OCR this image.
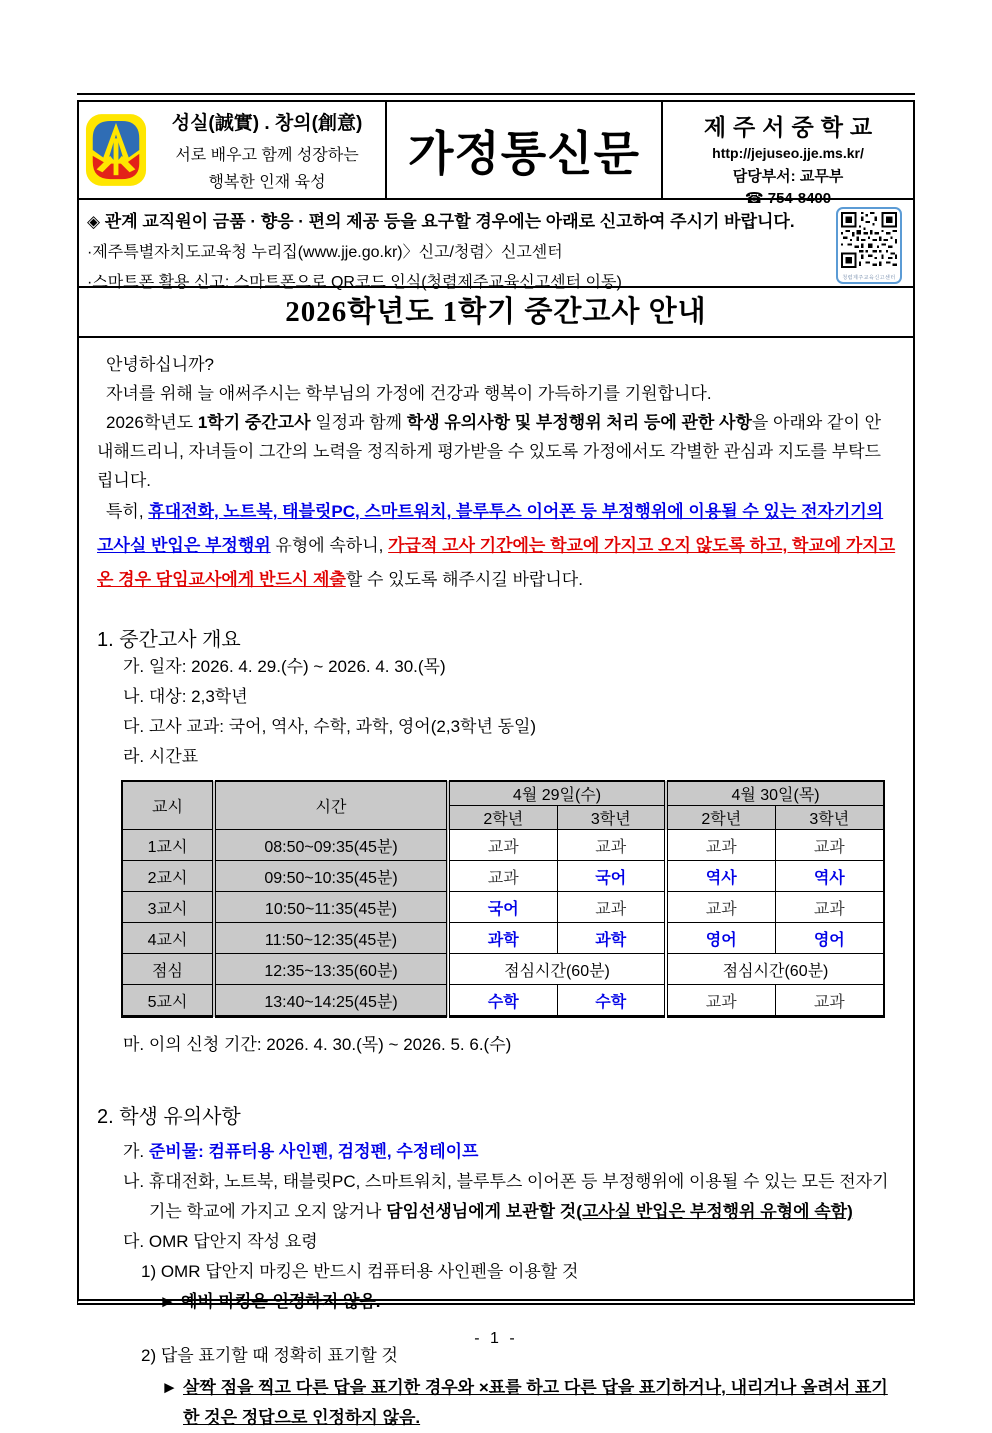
성실(誠實) . 창의(創意)
서로 배우고 함께 성장하는
행복한 인재 육성
가정통신문	제주서중학교
http://jejuseo.jje.ms.kr/
담당부서: 교무부
☎ 754-8400
◈ 관계 교직원이 금품 · 향응 · 편의 제공 등을 요구할 경우에는 아래로 신고하여 주시기 바랍니다.
·제주특별자치도교육청 누리집(www.jje.go.kr)〉신고/청렴〉신고센터
·스마트폰 활용 신고: 스마트폰으로 QR코드 인식(청렴제주교육신고센터 이동)	청렴제주교육신고센터
2026학년도 1학기 중간고사 안내

안녕하십니까?

자녀를 위해 늘 애써주시는 학부님의 가정에 건강과 행복이 가득하기를 기원합니다.

2026학년도 1학기 중간고사 일정과 함께 학생 유의사항 및 부정행위 처리 등에 관한 사항을 아래와 같이 안내해드리니, 자녀들이 그간의 노력을 정직하게 평가받을 수 있도록 가정에서도 각별한 관심과 지도를 부탁드립니다.

특히, 휴대전화, 노트북, 태블릿PC, 스마트워치, 블루투스 이어폰 등 부정행위에 이용될 수 있는 전자기기의 고사실 반입은 부정행위 유형에 속하니, 가급적 고사 기간에는 학교에 가지고 오지 않도록 하고, 학교에 가지고 온 경우 담임교사에게 반드시 제출할 수 있도록 해주시길 바랍니다.

1. 중간고사 개요
가. 일자: 2026. 4. 29.(수) ~ 2026. 4. 30.(목)
나. 대상: 2,3학년
다. 고사 교과: 국어, 역사, 수학, 과학, 영어(2,3학년 동일)
라. 시간표
교시	시간	4월 29일(수)		4월 30일(목)	
		2학년	3학년	2학년	3학년
1교시	08:50~09:35(45분)	교과	교과	교과	교과
2교시	09:50~10:35(45분)	교과	국어	역사	역사
3교시	10:50~11:35(45분)	국어	교과	교과	교과
4교시	11:50~12:35(45분)	과학	과학	영어	영어
점심	12:35~13:35(60분)	점심시간(60분)		점심시간(60분)	
5교시	13:40~14:25(45분)	수학	수학	교과	교과
마. 이의 신청 기간: 2026. 4. 30.(목) ~ 2026. 5. 6.(수)
2. 학생 유의사항
가. 준비물: 컴퓨터용 사인펜, 검정펜, 수정테이프
나. 휴대전화, 노트북, 태블릿PC, 스마트워치, 블루투스 이어폰 등 부정행위에 이용될 수 있는 모든 전자기기는 학교에 가지고 오지 않거나 담임선생님에게 보관할 것(고사실 반입은 부정행위 유형에 속함)
다. OMR 답안지 작성 요령
1) OMR 답안지 마킹은 반드시 컴퓨터용 사인펜을 이용할 것
► 예비 마킹은 인정하지 않음.
2) 답을 표기할 때 정확히 표기할 것
► 살짝 점을 찍고 다른 답을 표기한 경우와 ×표를 하고 다른 답을 표기하거나, 내리거나 올려서 표기한 것은 정답으로 인정하지 않음.
- 1 -
